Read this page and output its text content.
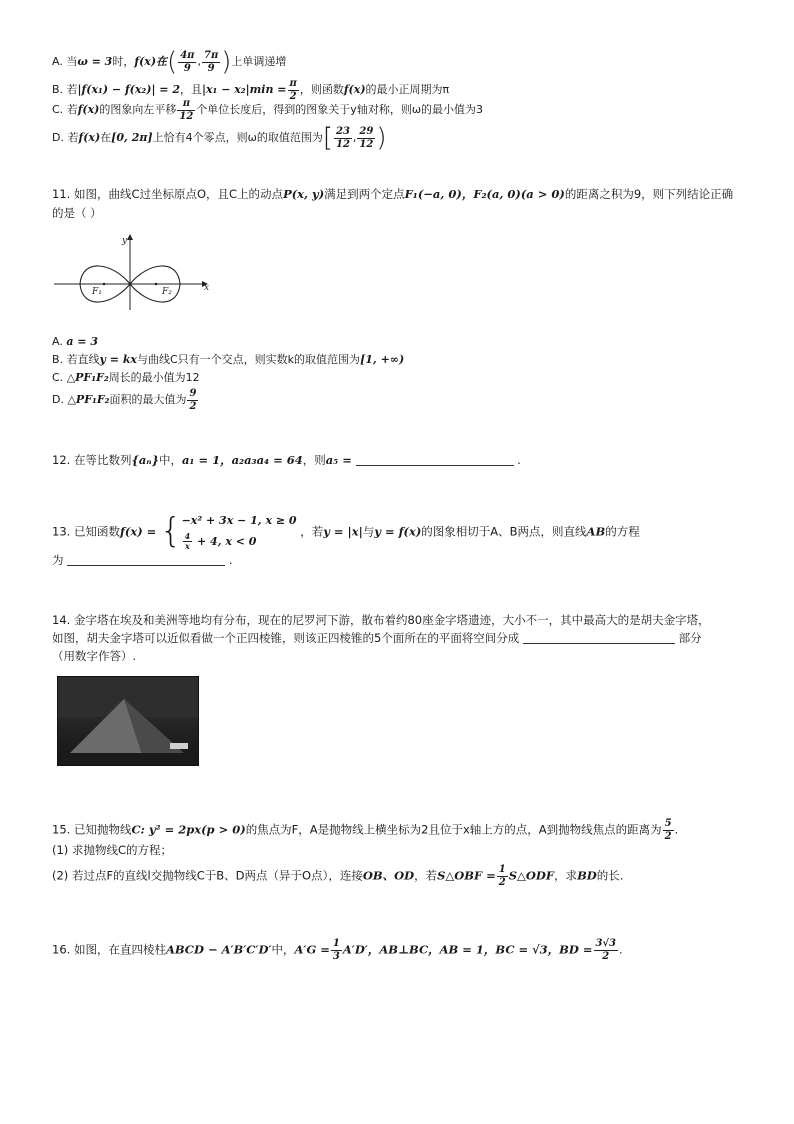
A. 当ω = 3时，f(x)在( $\frac{4\pi}{9}$ , $\frac{7\pi}{9}$ )上单调递增
B. 若|f(x₁) − f(x₂)| = 2，且$|x_1 - x_2|\min = \frac{\pi}{2}$ ，则函数f(x)的最小正周期为π
C. 若f(x)的图象向左平移 $\frac{\pi}{12}$ 个单位长度后，得到的图象关于y轴对称，则ω的最小值为3
D. 若f(x)在[0, 2π]上恰有4个零点，则ω的取值范围为[ $\frac{23}{12}$ , $\frac{29}{12}$ )
11. 如图，曲线C过坐标原点O，且C上的动点P(x, y)满足到两个定点F₁(−a, 0)，F₂(a, 0)(a > 0)的距离之积为9，则下列结论正确
的是（ ）
y
x
F₁	F₂
A. a = 3
B. 若直线y = kx与曲线C只有一个交点，则实数k的取值范围为[1, +∞)
C. △PF₁F₂周长的最小值为12
D. △PF₁F₂面积的最大值为 $\frac{9}{2}$
12. 在等比数列{aₙ}中，a₁ = 1，a₂a₃a₄ = 64，则a₅ =	.
13. 已知函数f(x) = { −x² + 3x − 1, x ≥ 0
$\frac{4}{x} + 4$, x < 0
，若y = |x|与y = f(x)的图象相切于A、B两点，则直线AB的方程
为	.
14. 金字塔在埃及和美洲等地均有分布，现在的尼罗河下游，散布着约80座金字塔遗迹，大小不一，其中最高大的是胡夫金字塔，
如图，胡夫金字塔可以近似看做一个正四棱锥，则该正四棱锥的5个面所在的平面将空间分成	部分
（用数字作答）.
15. 已知抛物线C: y² = 2px(p > 0)的焦点为F，A是抛物线上横坐标为2且位于x轴上方的点，A到抛物线焦点的距离为 $\frac{5}{2}$ .
(1) 求抛物线C的方程；
(2) 若过点F的直线l交抛物线C于B、D两点（异于O点），连接OB、OD，若S△OBF = $\frac{1}{2}$ S△ODF，求BD的长.
16. 如图，在直四棱柱ABCD − A′B′C′D′中，$A'G = \frac{1}{3} A'D'$，AB⊥BC，AB = 1，BC = √3，BD = $\frac{3√3}{2}$ .
